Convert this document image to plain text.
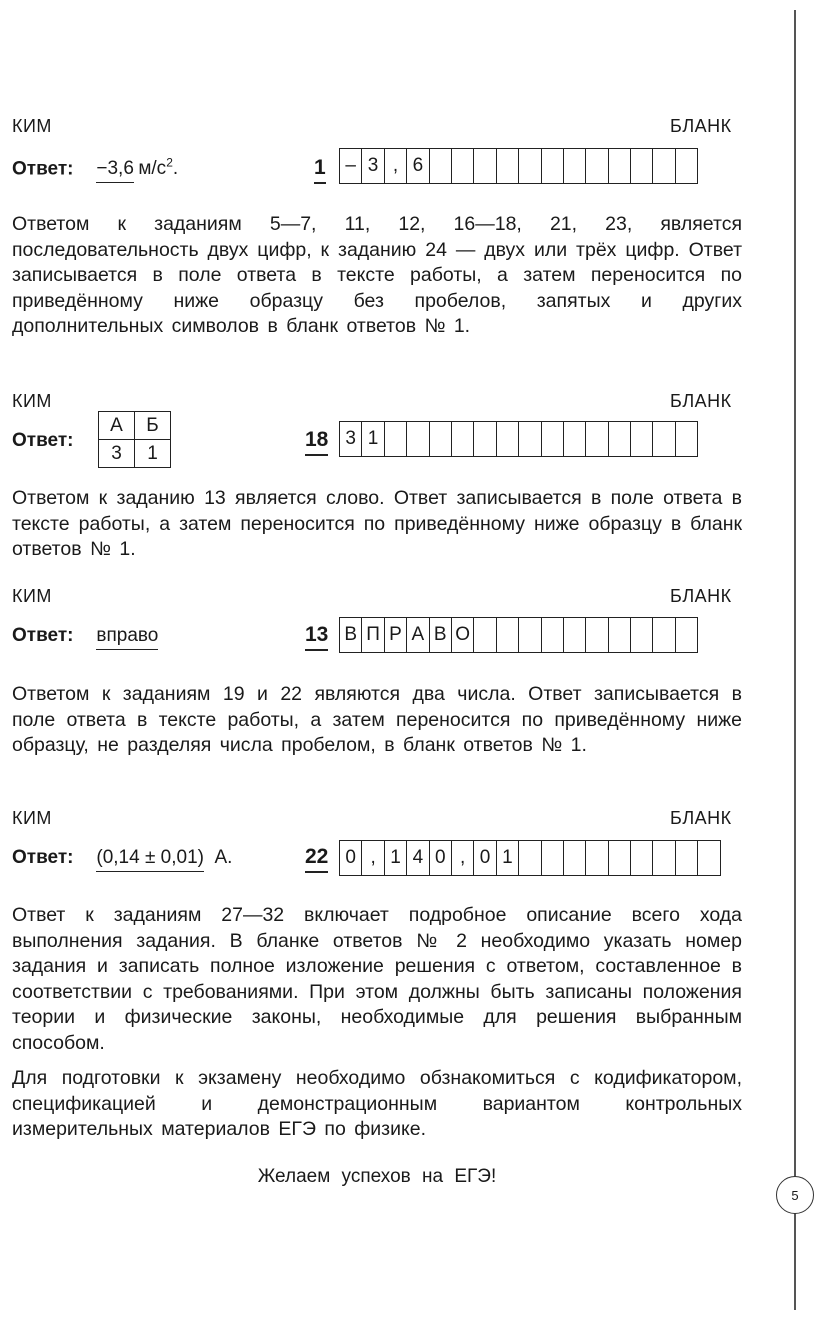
КИМ	БЛАНК
Ответ: −3,6 $м/с^2$.	1 – 3 , 6
Ответом к заданиям 5—7, 11, 12, 16—18, 21, 23, является последовательность двух цифр, к заданию 24 — двух или трёх цифр. Ответ записывается в поле ответа в тексте работы, а затем переносится по приведённому ниже образцу без пробелов, запятых и других дополнительных символов в бланк ответов № 1.
КИМ	БЛАНК
Ответ:
А	Б
3	1
18 3 1
Ответом к заданию 13 является слово. Ответ записывается в поле ответа в тексте работы, а затем переносится по приведённому ниже образцу в бланк ответов № 1.
КИМ	БЛАНК
Ответ: вправо	13 В П Р А В О
Ответом к заданиям 19 и 22 являются два числа. Ответ записывается в поле ответа в тексте работы, а затем переносится по приведённому ниже образцу, не разделяя числа пробелом, в бланк ответов № 1.
КИМ	БЛАНК
Ответ: (0,14 ± 0,01) А.	22 0 , 1 4 0 , 0 1
Ответ к заданиям 27—32 включает подробное описание всего хода выполнения задания. В бланке ответов № 2 необходимо указать номер задания и записать полное изложение решения с ответом, составленное в соответствии с требованиями. При этом должны быть записаны положения теории и физические законы, необходимые для решения выбранным способом.
Для подготовки к экзамену необходимо обзнакомиться с кодификатором, спецификацией и демонстрационным вариантом контрольных измерительных материалов ЕГЭ по физике.
Желаем успехов на ЕГЭ!
5
